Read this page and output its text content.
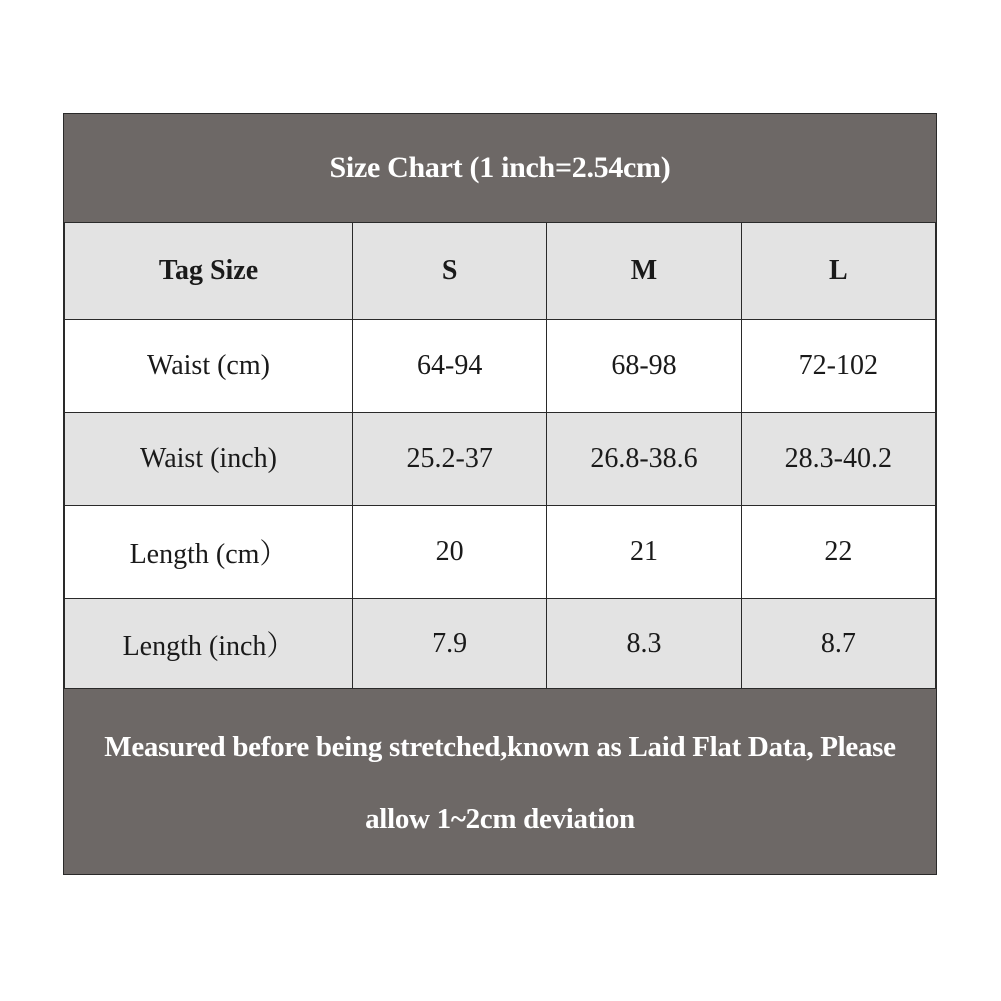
Size Chart (1 inch=2.54cm)
Tag Size	S	M	L
Waist (cm)	64-94	68-98	72-102
Waist (inch)	25.2-37	26.8-38.6	28.3-40.2
Length (cm）	20	21	22
Length (inch）	7.9	8.3	8.7
Measured before being stretched,known as Laid Flat Data, Please
allow 1~2cm deviation
